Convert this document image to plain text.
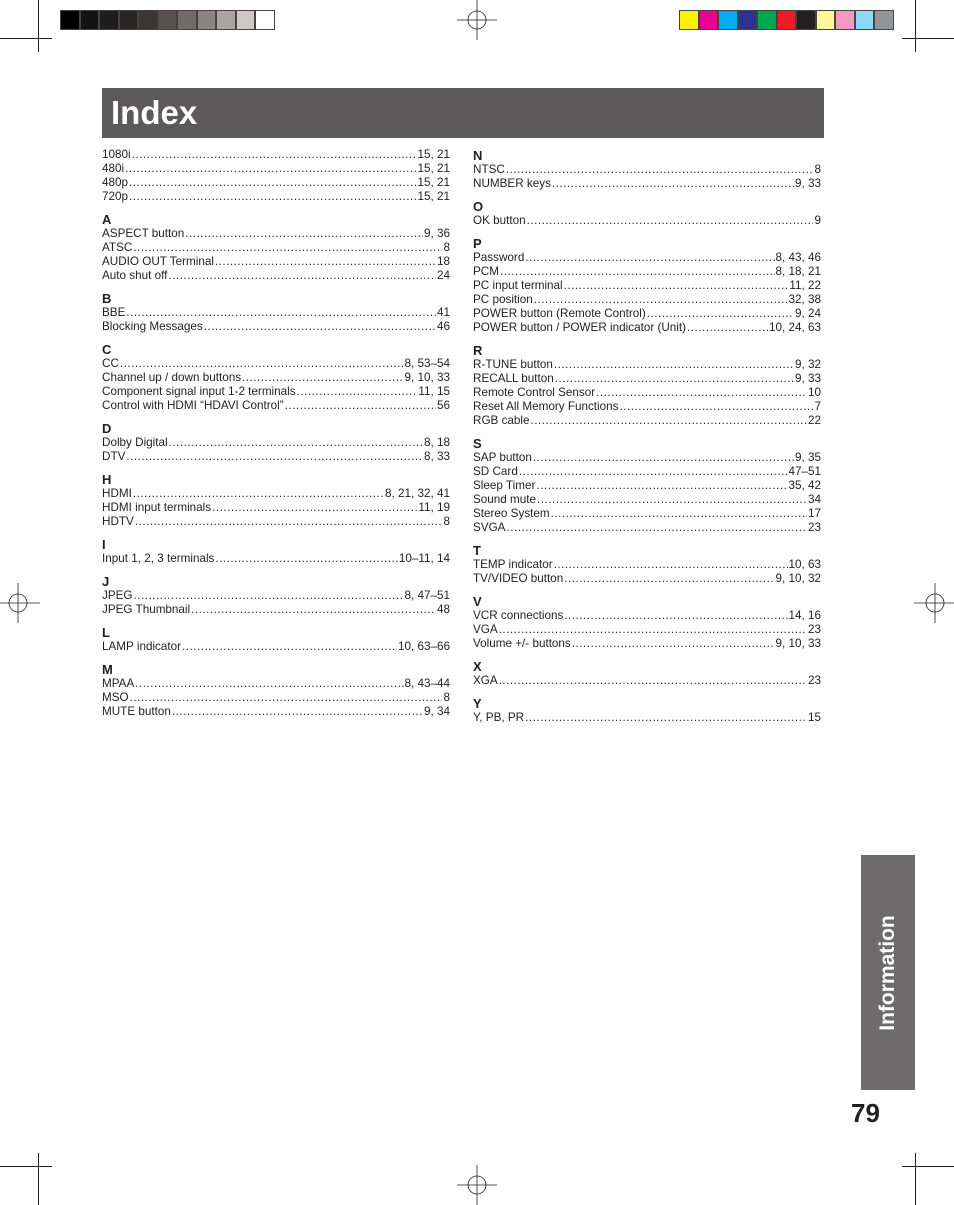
Index
1080i .....	15, 21
480i .....	15, 21
480p .....	15, 21
720p .....	15, 21
A
ASPECT button .....	9, 36
ATSC .....	8
AUDIO OUT Terminal .....	18
Auto shut off .....	24
B
BBE .....	41
Blocking Messages .....	46
C
CC .....	8, 53–54
Channel up / down buttons .....	9, 10, 33
Component signal input 1-2 terminals .....	11, 15
Control with HDMI “HDAVI Control” .....	56
D
Dolby Digital .....	8, 18
DTV .....	8, 33
H
HDMI .....	8, 21, 32, 41
HDMI input terminals .....	11, 19
HDTV .....	8
I
Input 1, 2, 3 terminals .....	10–11, 14
J
JPEG .....	8, 47–51
JPEG Thumbnail .....	48
L
LAMP indicator .....	10, 63–66
M
MPAA .....	8, 43–44
MSO .....	8
MUTE button .....	9, 34
N
NTSC .....	8
NUMBER keys .....	9, 33
O
OK button .....	9
P
Password .....	8, 43, 46
PCM .....	8, 18, 21
PC input terminal .....	11, 22
PC position .....	32, 38
POWER button (Remote Control) .....	9, 24
POWER button / POWER indicator (Unit) .....	10, 24, 63
R
R-TUNE button .....	9, 32
RECALL button .....	9, 33
Remote Control Sensor .....	10
Reset All Memory Functions .....	7
RGB cable .....	22
S
SAP button .....	9, 35
SD Card .....	47–51
Sleep Timer .....	35, 42
Sound mute .....	34
Stereo System .....	17
SVGA .....	23
T
TEMP indicator .....	10, 63
TV/VIDEO button .....	9, 10, 32
V
VCR connections .....	14, 16
VGA .....	23
Volume +/- buttons .....	9, 10, 33
X
XGA .....	23
Y
Y, PB, PR .....	15
Information
79
